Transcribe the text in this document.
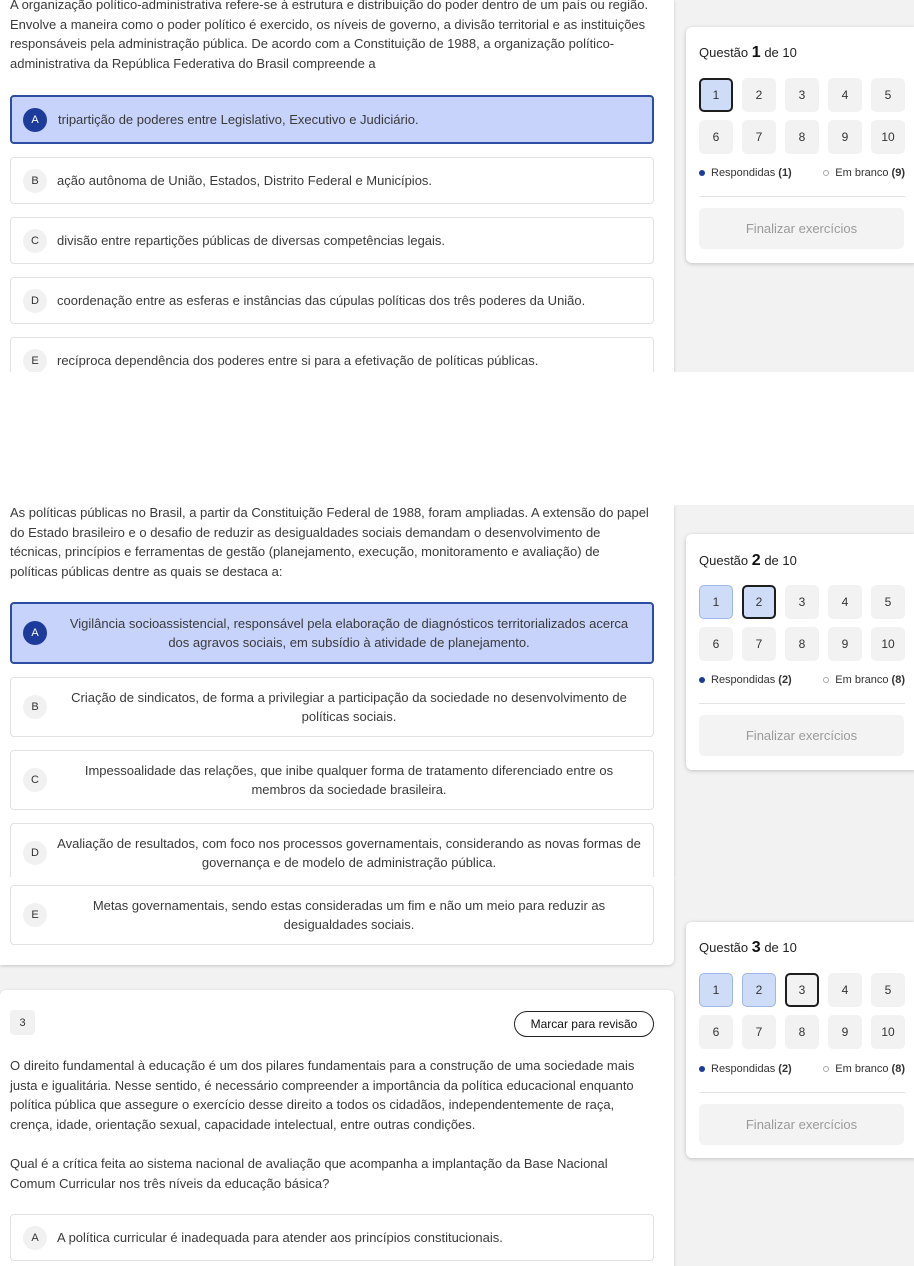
A organização político-administrativa refere-se à estrutura e distribuição do poder dentro de um país ou região. Envolve a maneira como o poder político é exercido, os níveis de governo, a divisão territorial e as instituições responsáveis pela administração pública. De acordo com a Constituição de 1988, a organização político-administrativa da República Federativa do Brasil compreende a

A	tripartição de poderes entre Legislativo, Executivo e Judiciário.
B	ação autônoma de União, Estados, Distrito Federal e Municípios.
C	divisão entre repartições públicas de diversas competências legais.
D	coordenação entre as esferas e instâncias das cúpulas políticas dos três poderes da União.
E	recíproca dependência dos poderes entre si para a efetivação de políticas públicas.
Questão 1 de 10
1	2	3	4	5
6	7	8	9	10
Respondidas (1)	Em branco (9)
Finalizar exercícios

As políticas públicas no Brasil, a partir da Constituição Federal de 1988, foram ampliadas. A extensão do papel do Estado brasileiro e o desafio de reduzir as desigualdades sociais demandam o desenvolvimento de técnicas, princípios e ferramentas de gestão (planejamento, execução, monitoramento e avaliação) de políticas públicas dentre as quais se destaca a:

A
Vigilância socioassistencial, responsável pela elaboração de diagnósticos territorializados acerca dos agravos sociais, em subsídio à atividade de planejamento.
B
Criação de sindicatos, de forma a privilegiar a participação da sociedade no desenvolvimento de políticas sociais.
C
Impessoalidade das relações, que inibe qualquer forma de tratamento diferenciado entre os membros da sociedade brasileira.
D
Avaliação de resultados, com foco nos processos governamentais, considerando as novas formas de governança e de modelo de administração pública.
Questão 2 de 10
1	2	3	4	5
6	7	8	9	10
Respondidas (2)	Em branco (8)
Finalizar exercícios
E
Metas governamentais, sendo estas consideradas um fim e não um meio para reduzir as desigualdades sociais.
3	Marcar para revisão

O direito fundamental à educação é um dos pilares fundamentais para a construção de uma sociedade mais justa e igualitária. Nesse sentido, é necessário compreender a importância da política educacional enquanto política pública que assegure o exercício desse direito a todos os cidadãos, independentemente de raça, crença, idade, orientação sexual, capacidade intelectual, entre outras condições.

Qual é a crítica feita ao sistema nacional de avaliação que acompanha a implantação da Base Nacional Comum Curricular nos três níveis da educação básica?

A	A política curricular é inadequada para atender aos princípios constitucionais.
Questão 3 de 10
1	2	3	4	5
6	7	8	9	10
Respondidas (2)	Em branco (8)
Finalizar exercícios
